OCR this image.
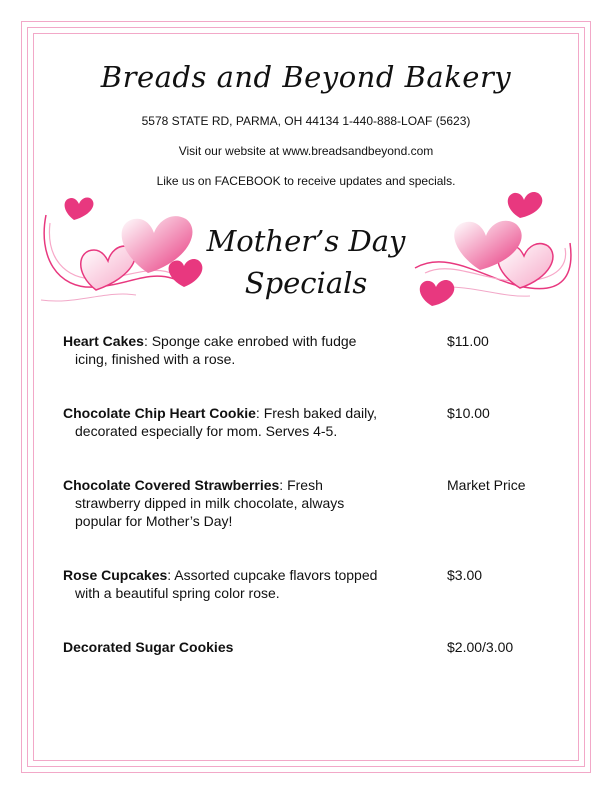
Breads and Beyond Bakery
5578 STATE RD, PARMA, OH 44134 1-440-888-LOAF (5623)
Visit our website at www.breadsandbeyond.com
Like us on FACEBOOK to receive updates and specials.
Mother’s Day
Specials
Heart Cakes: Sponge cake enrobed with fudge
icing, finished with a rose.
$11.00
Chocolate Chip Heart Cookie: Fresh baked daily,
decorated especially for mom. Serves 4-5.
$10.00
Chocolate Covered Strawberries: Fresh
strawberry dipped in milk chocolate, always popular for Mother’s Day!
Market Price
Rose Cupcakes: Assorted cupcake flavors topped
with a beautiful spring color rose.
$3.00
Decorated Sugar Cookies	$2.00/3.00
